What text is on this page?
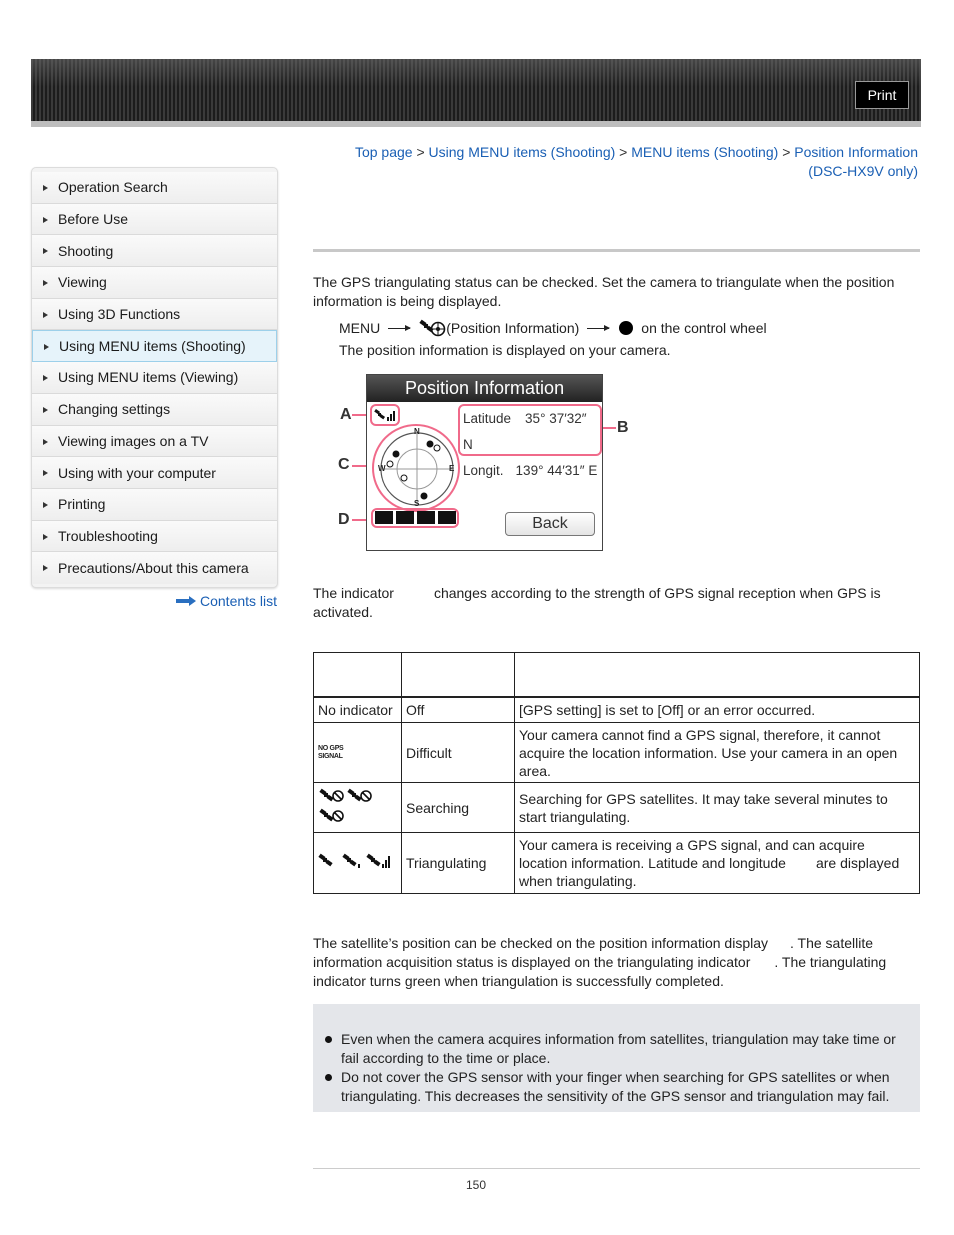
Print
Operation Search
Before Use
Shooting
Viewing
Using 3D Functions
Using MENU items (Shooting)
Using MENU items (Viewing)
Changing settings
Viewing images on a TV
Using with your computer
Printing
Troubleshooting
Precautions/About this camera
Contents list
Top page > Using MENU items (Shooting) > MENU items (Shooting) > Position Information (DSC-HX9V only)
The GPS triangulating status can be checked. Set the camera to triangulate when the position information is being displayed.
MENU	(Position Information)	on the control wheel
The position information is displayed on your camera.
A
B
C
D
Position Information
Latitude 35° 37′32″ N
Longit. 139° 44′31″ E
N
S
E
W
Back
The indicator	changes according to the strength of GPS signal reception when GPS is activated.

No indicator	Off	[GPS setting] is set to [Off] or an error occurred.

NO GPS SIGNAL	Difficult	Your camera cannot find a GPS signal, therefore, it cannot acquire the location information. Use your camera in an open area.
	Searching	Searching for GPS satellites. It may take several minutes to start triangulating.
	Triangulating	Your camera is receiving a GPS signal, and can acquire location information. Latitude and longitude are displayed when triangulating.
The satellite’s position can be checked on the position information display . The satellite information acquisition status is displayed on the triangulating indicator . The triangulating indicator turns green when triangulation is successfully completed.
Even when the camera acquires information from satellites, triangulation may take time or fail according to the time or place.
Do not cover the GPS sensor with your finger when searching for GPS satellites or when triangulating. This decreases the sensitivity of the GPS sensor and triangulation may fail.
150
